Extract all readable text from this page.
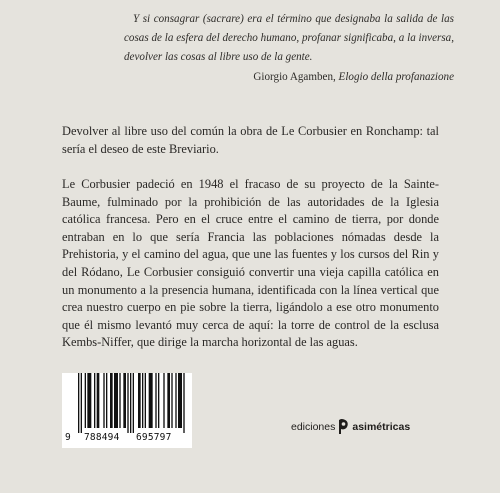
Y si consagrar (sacrare) era el término que designaba la salida de las cosas de la esfera del derecho humano, profanar significaba, a la inversa, devolver las cosas al libre uso de la gente.

Giorgio Agamben, Elogio della profanazione

Devolver al libre uso del común la obra de Le Corbusier en Ronchamp: tal sería el deseo de este Breviario.

Le Corbusier padeció en 1948 el fracaso de su proyecto de la Sainte-Baume, fulminado por la prohibición de las autoridades de la Iglesia católica francesa. Pero en el cruce entre el camino de tierra, por donde entraban en lo que sería Francia las poblaciones nómadas desde la Prehistoria, y el camino del agua, que une las fuentes y los cursos del Rin y del Ródano, Le Corbusier consiguió convertir una vieja capilla católica en un monumento a la presencia humana, identificada con la línea vertical que crea nuestro cuerpo en pie sobre la tierra, ligándolo a ese otro monumento que él mismo levantó muy cerca de aquí: la torre de control de la esclusa Kembs-Niffer, que dirige la marcha horizontal de las aguas.

9 788494 695797
ediciones asimétricas
